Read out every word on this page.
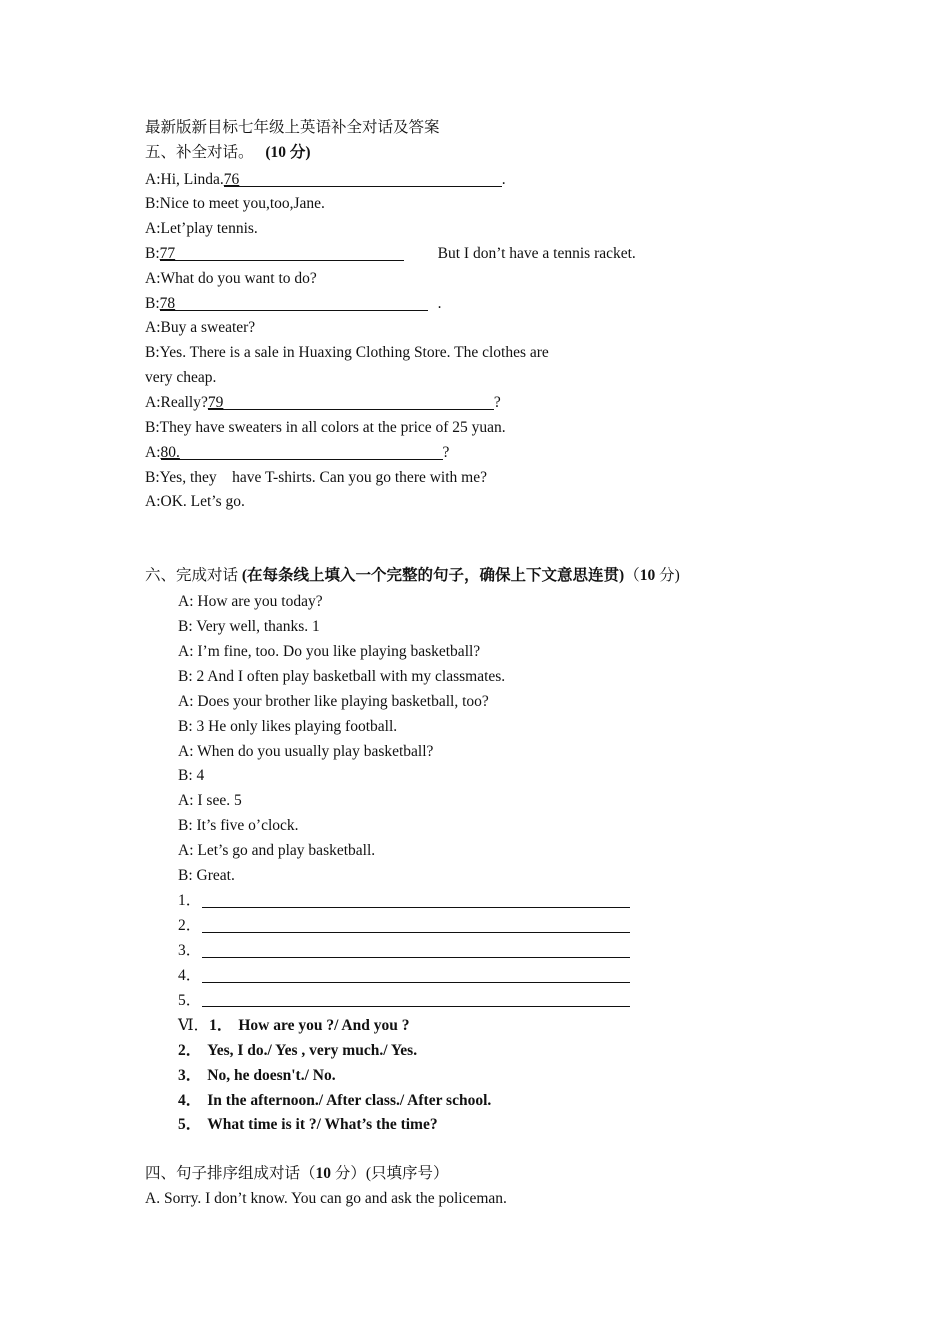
最新版新目标七年级上英语补全对话及答案
五、补全对话。 (10 分)
A:Hi, Linda.76	.
B:Nice to meet you,too,Jane.
A:Let’play tennis.
B:77	But I don’t have a tennis racket.
A:What do you want to do?
B:78	.
A:Buy a sweater?
B:Yes. There is a sale in Huaxing Clothing Store. The clothes are
very cheap.
A:Really?79	?
B:They have sweaters in all colors at the price of 25 yuan.
A:80.	?
B:Yes, they    have T-shirts. Can you go there with me?
A:OK. Let’s go.
六、完成对话 (在每条线上填入一个完整的句子，确保上下文意思连贯)（10 分)
A: How are you today?
B: Very well, thanks. 1
A: I’m fine, too. Do you like playing basketball?
B: 2 And I often play basketball with my classmates.
A: Does your brother like playing basketball, too?
B: 3 He only likes playing football.
A: When do you usually play basketball?
B: 4
A: I see. 5
B: It’s five o’clock.
A: Let’s go and play basketball.
B: Great.
1．
2．
3．
4．
5．
Ⅵ．1． How are you ?/ And you ?
2． Yes, I do./ Yes , very much./ Yes.
3． No, he doesn't./ No.
4． In the afternoon./ After class./ After school.
5． What time is it ?/ What’s the time?
四、句子排序组成对话（10 分）(只填序号）
A. Sorry. I don’t know. You can go and ask the policeman.
